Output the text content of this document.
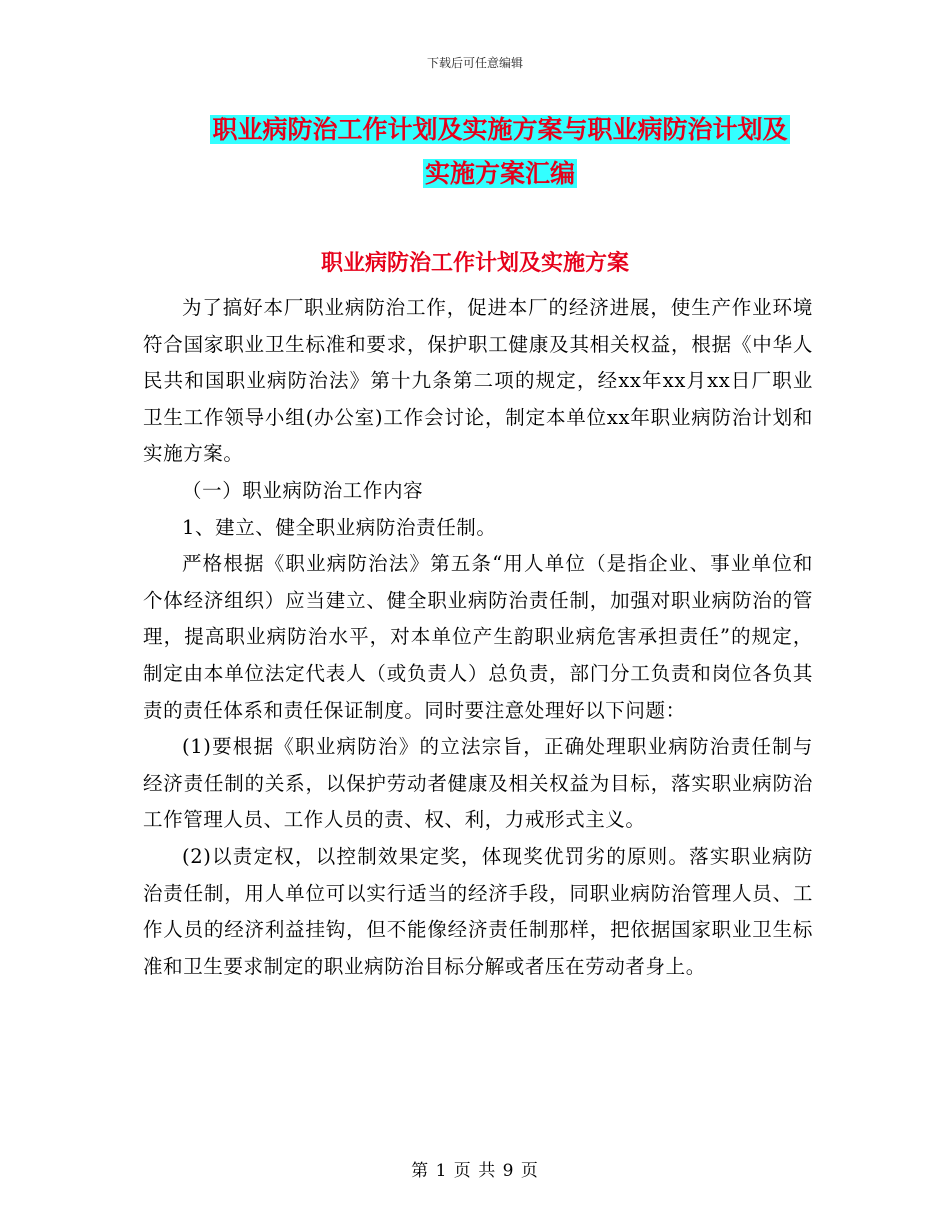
下载后可任意编辑
职业病防治工作计划及实施方案与职业病防治计划及
实施方案汇编
职业病防治工作计划及实施方案

为了搞好本厂职业病防治工作，促进本厂的经济进展，使生产作业环境符合国家职业卫生标准和要求，保护职工健康及其相关权益，根据《中华人民共和国职业病防治法》第十九条第二项的规定，经xx年xx月xx日厂职业卫生工作领导小组(办公室)工作会讨论，制定本单位xx年职业病防治计划和实施方案。

（一）职业病防治工作内容

1、建立、健全职业病防治责任制。

严格根据《职业病防治法》第五条“用人单位（是指企业、事业单位和个体经济组织）应当建立、健全职业病防治责任制，加强对职业病防治的管理，提高职业病防治水平，对本单位产生韵职业病危害承担责任”的规定，制定由本单位法定代表人（或负责人）总负责，部门分工负责和岗位各负其责的责任体系和责任保证制度。同时要注意处理好以下问题：

(1)要根据《职业病防治》的立法宗旨，正确处理职业病防治责任制与经济责任制的关系，以保护劳动者健康及相关权益为目标，落实职业病防治工作管理人员、工作人员的责、权、利，力戒形式主义。

(2)以责定权，以控制效果定奖，体现奖优罚劣的原则。落实职业病防治责任制，用人单位可以实行适当的经济手段，同职业病防治管理人员、工作人员的经济利益挂钩，但不能像经济责任制那样，把依据国家职业卫生标准和卫生要求制定的职业病防治目标分解或者压在劳动者身上。

第 1 页 共 9 页
